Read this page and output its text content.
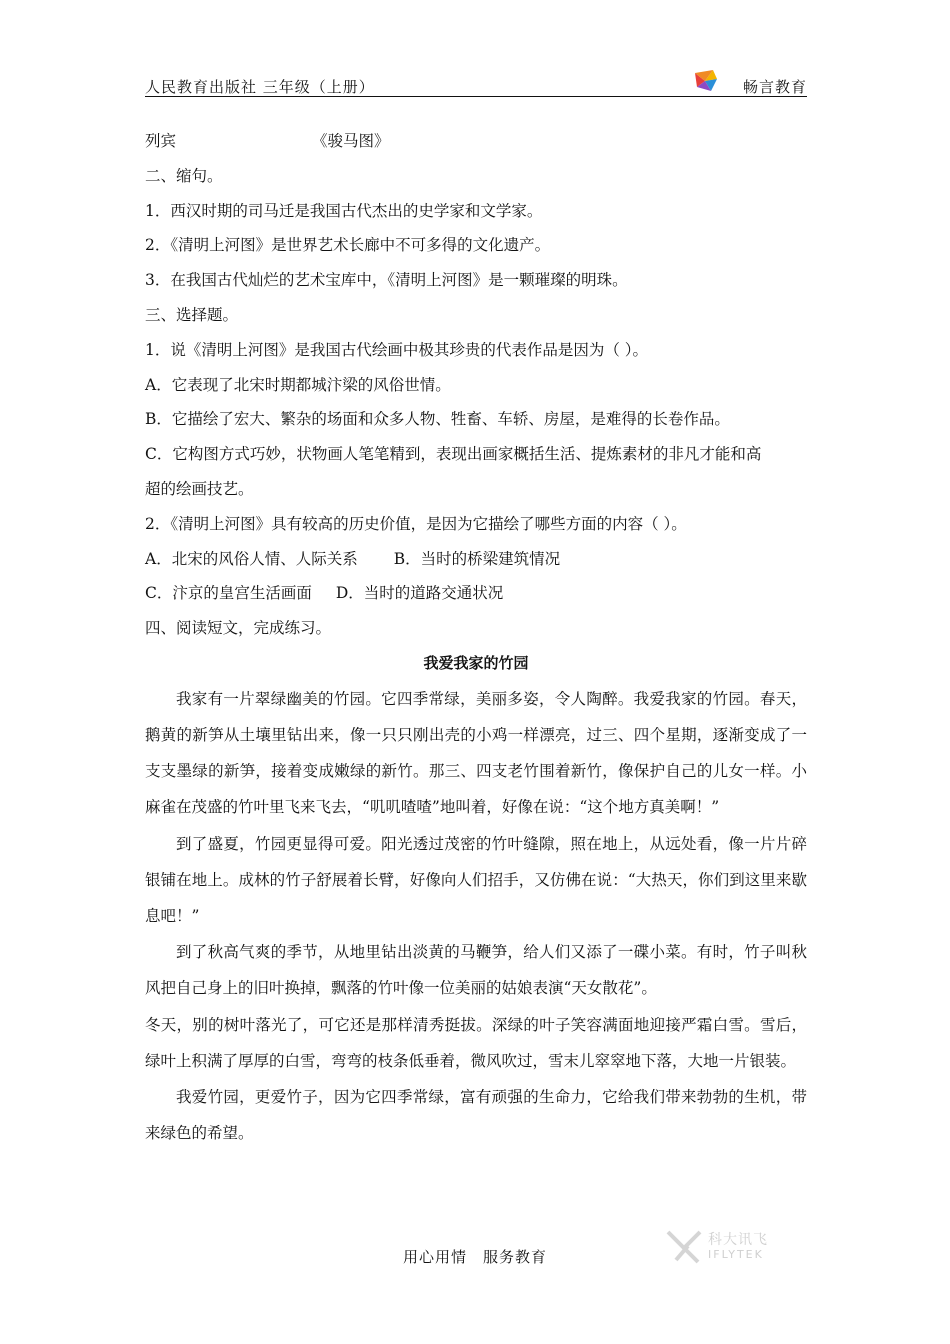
人民教育出版社 三年级（上册）	畅言教育
列宾	《骏马图》
二、缩句。
1．西汉时期的司马迁是我国古代杰出的史学家和文学家。
2．《清明上河图》是世界艺术长廊中不可多得的文化遗产。
3．在我国古代灿烂的艺术宝库中，《清明上河图》是一颗璀璨的明珠。
三、选择题。
1．说《清明上河图》是我国古代绘画中极其珍贵的代表作品是因为（ ）。
A．它表现了北宋时期都城汴梁的风俗世情。
B．它描绘了宏大、繁杂的场面和众多人物、牲畜、车轿、房屋，是难得的长卷作品。
C．它构图方式巧妙，状物画人笔笔精到，表现出画家概括生活、提炼素材的非凡才能和高
超的绘画技艺。
2．《清明上河图》具有较高的历史价值，是因为它描绘了哪些方面的内容（ ）。
A．北宋的风俗人情、人际关系 B．当时的桥梁建筑情况
C．汴京的皇宫生活画面 D．当时的道路交通状况
四、阅读短文，完成练习。
我爱我家的竹园

我家有一片翠绿幽美的竹园。它四季常绿，美丽多姿，令人陶醉。我爱我家的竹园。春天，鹅黄的新笋从土壤里钻出来，像一只只刚出壳的小鸡一样漂亮，过三、四个星期，逐渐变成了一支支墨绿的新笋，接着变成嫩绿的新竹。那三、四支老竹围着新竹，像保护自己的儿女一样。小麻雀在茂盛的竹叶里飞来飞去，“叽叽喳喳”地叫着，好像在说：“这个地方真美啊！”

到了盛夏，竹园更显得可爱。阳光透过茂密的竹叶缝隙，照在地上，从远处看，像一片片碎银铺在地上。成林的竹子舒展着长臂，好像向人们招手，又仿佛在说：“大热天，你们到这里来歇息吧！”

到了秋高气爽的季节，从地里钻出淡黄的马鞭笋，给人们又添了一碟小菜。有时，竹子叫秋风把自己身上的旧叶换掉，飘落的竹叶像一位美丽的姑娘表演“天女散花”。

冬天，别的树叶落光了，可它还是那样清秀挺拔。深绿的叶子笑容满面地迎接严霜白雪。雪后，绿叶上积满了厚厚的白雪，弯弯的枝条低垂着，微风吹过，雪末儿窣窣地下落，大地一片银装。

我爱竹园，更爱竹子，因为它四季常绿，富有顽强的生命力，它给我们带来勃勃的生机，带来绿色的希望。

用心用情 服务教育
科大讯飞
IFLYTEK
